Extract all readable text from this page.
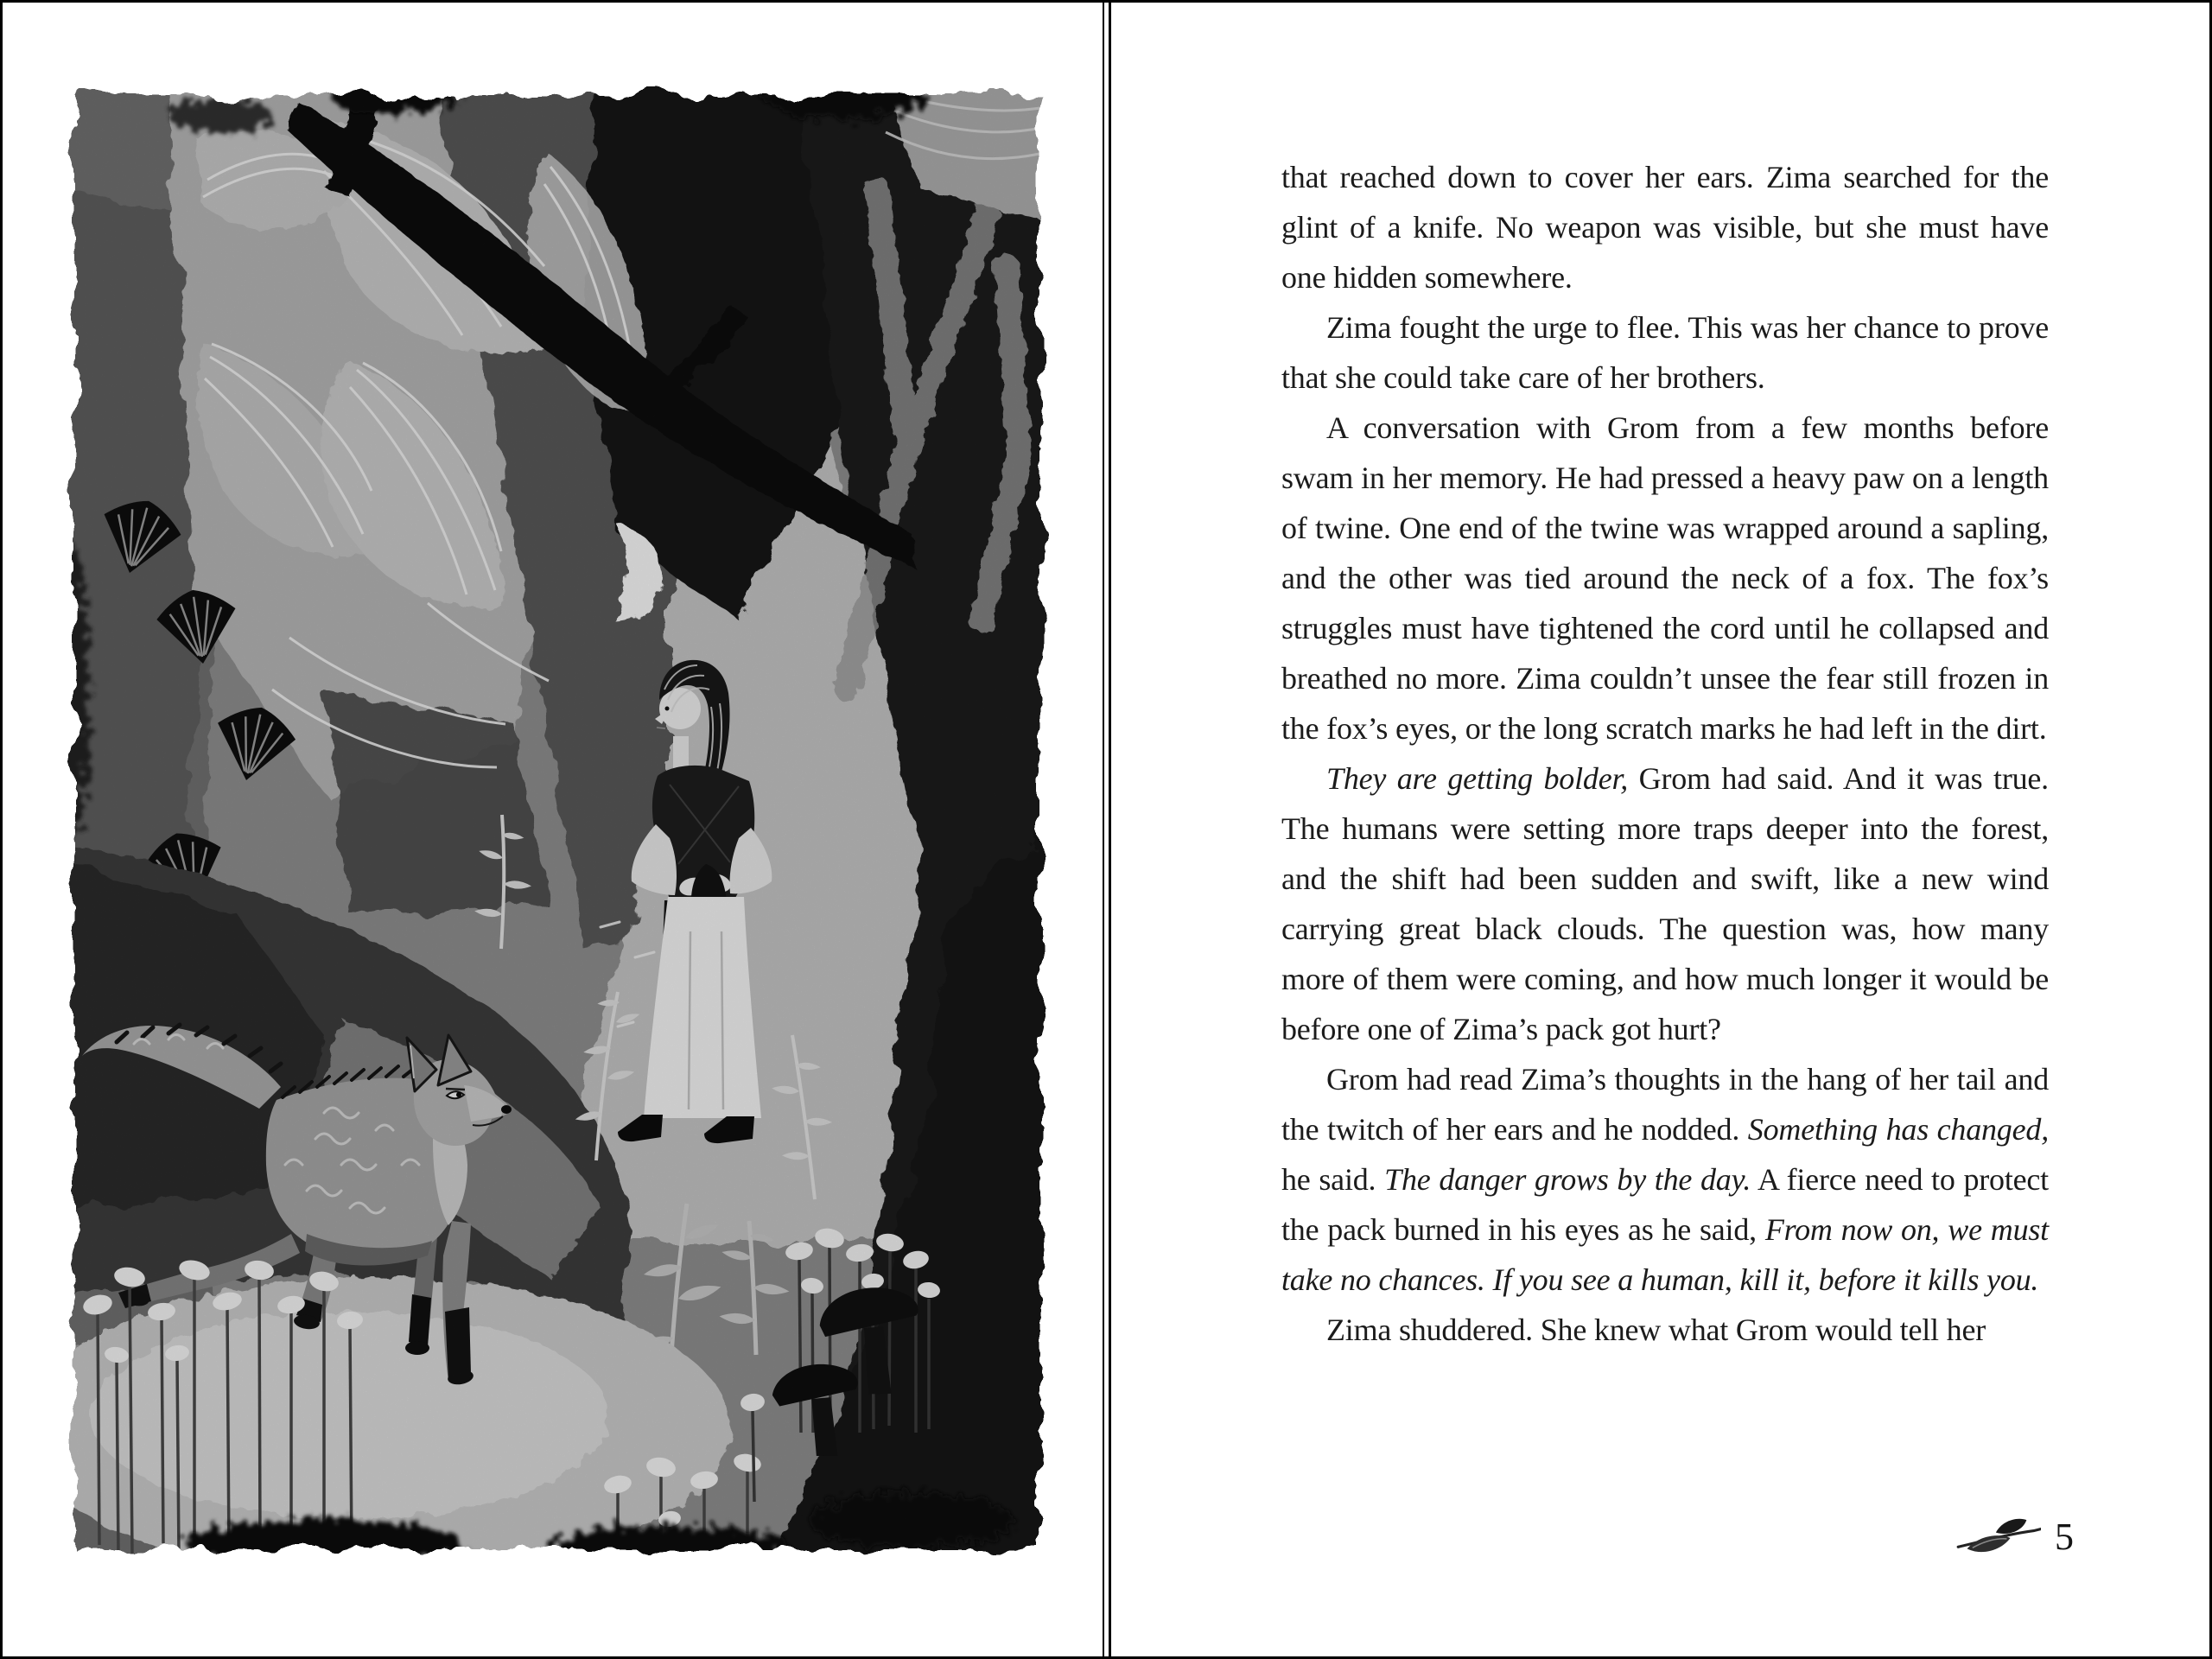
that reached down to cover her ears. Zima searched for the glint of a knife. No weapon was visible, but she must have one hidden somewhere.

Zima fought the urge to flee. This was her chance to prove that she could take care of her brothers.

A conversation with Grom from a few months before swam in her memory. He had pressed a heavy paw on a length of twine. One end of the twine was wrapped around a sapling, and the other was tied around the neck of a fox. The fox’s struggles must have tightened the cord until he collapsed and breathed no more. Zima couldn’t unsee the fear still frozen in the fox’s eyes, or the long scratch marks he had left in the dirt.

They are getting bolder, Grom had said. And it was true. The humans were setting more traps deeper into the forest, and the shift had been sudden and swift, like a new wind carrying great black clouds. The question was, how many more of them were coming, and how much longer it would be before one of Zima’s pack got hurt?

Grom had read Zima’s thoughts in the hang of her tail and the twitch of her ears and he nodded. Something has changed, he said. The danger grows by the day. A fierce need to protect the pack burned in his eyes as he said, From now on, we must take no chances. If you see a human, kill it, before it kills you.

Zima shuddered. She knew what Grom would tell her

5
